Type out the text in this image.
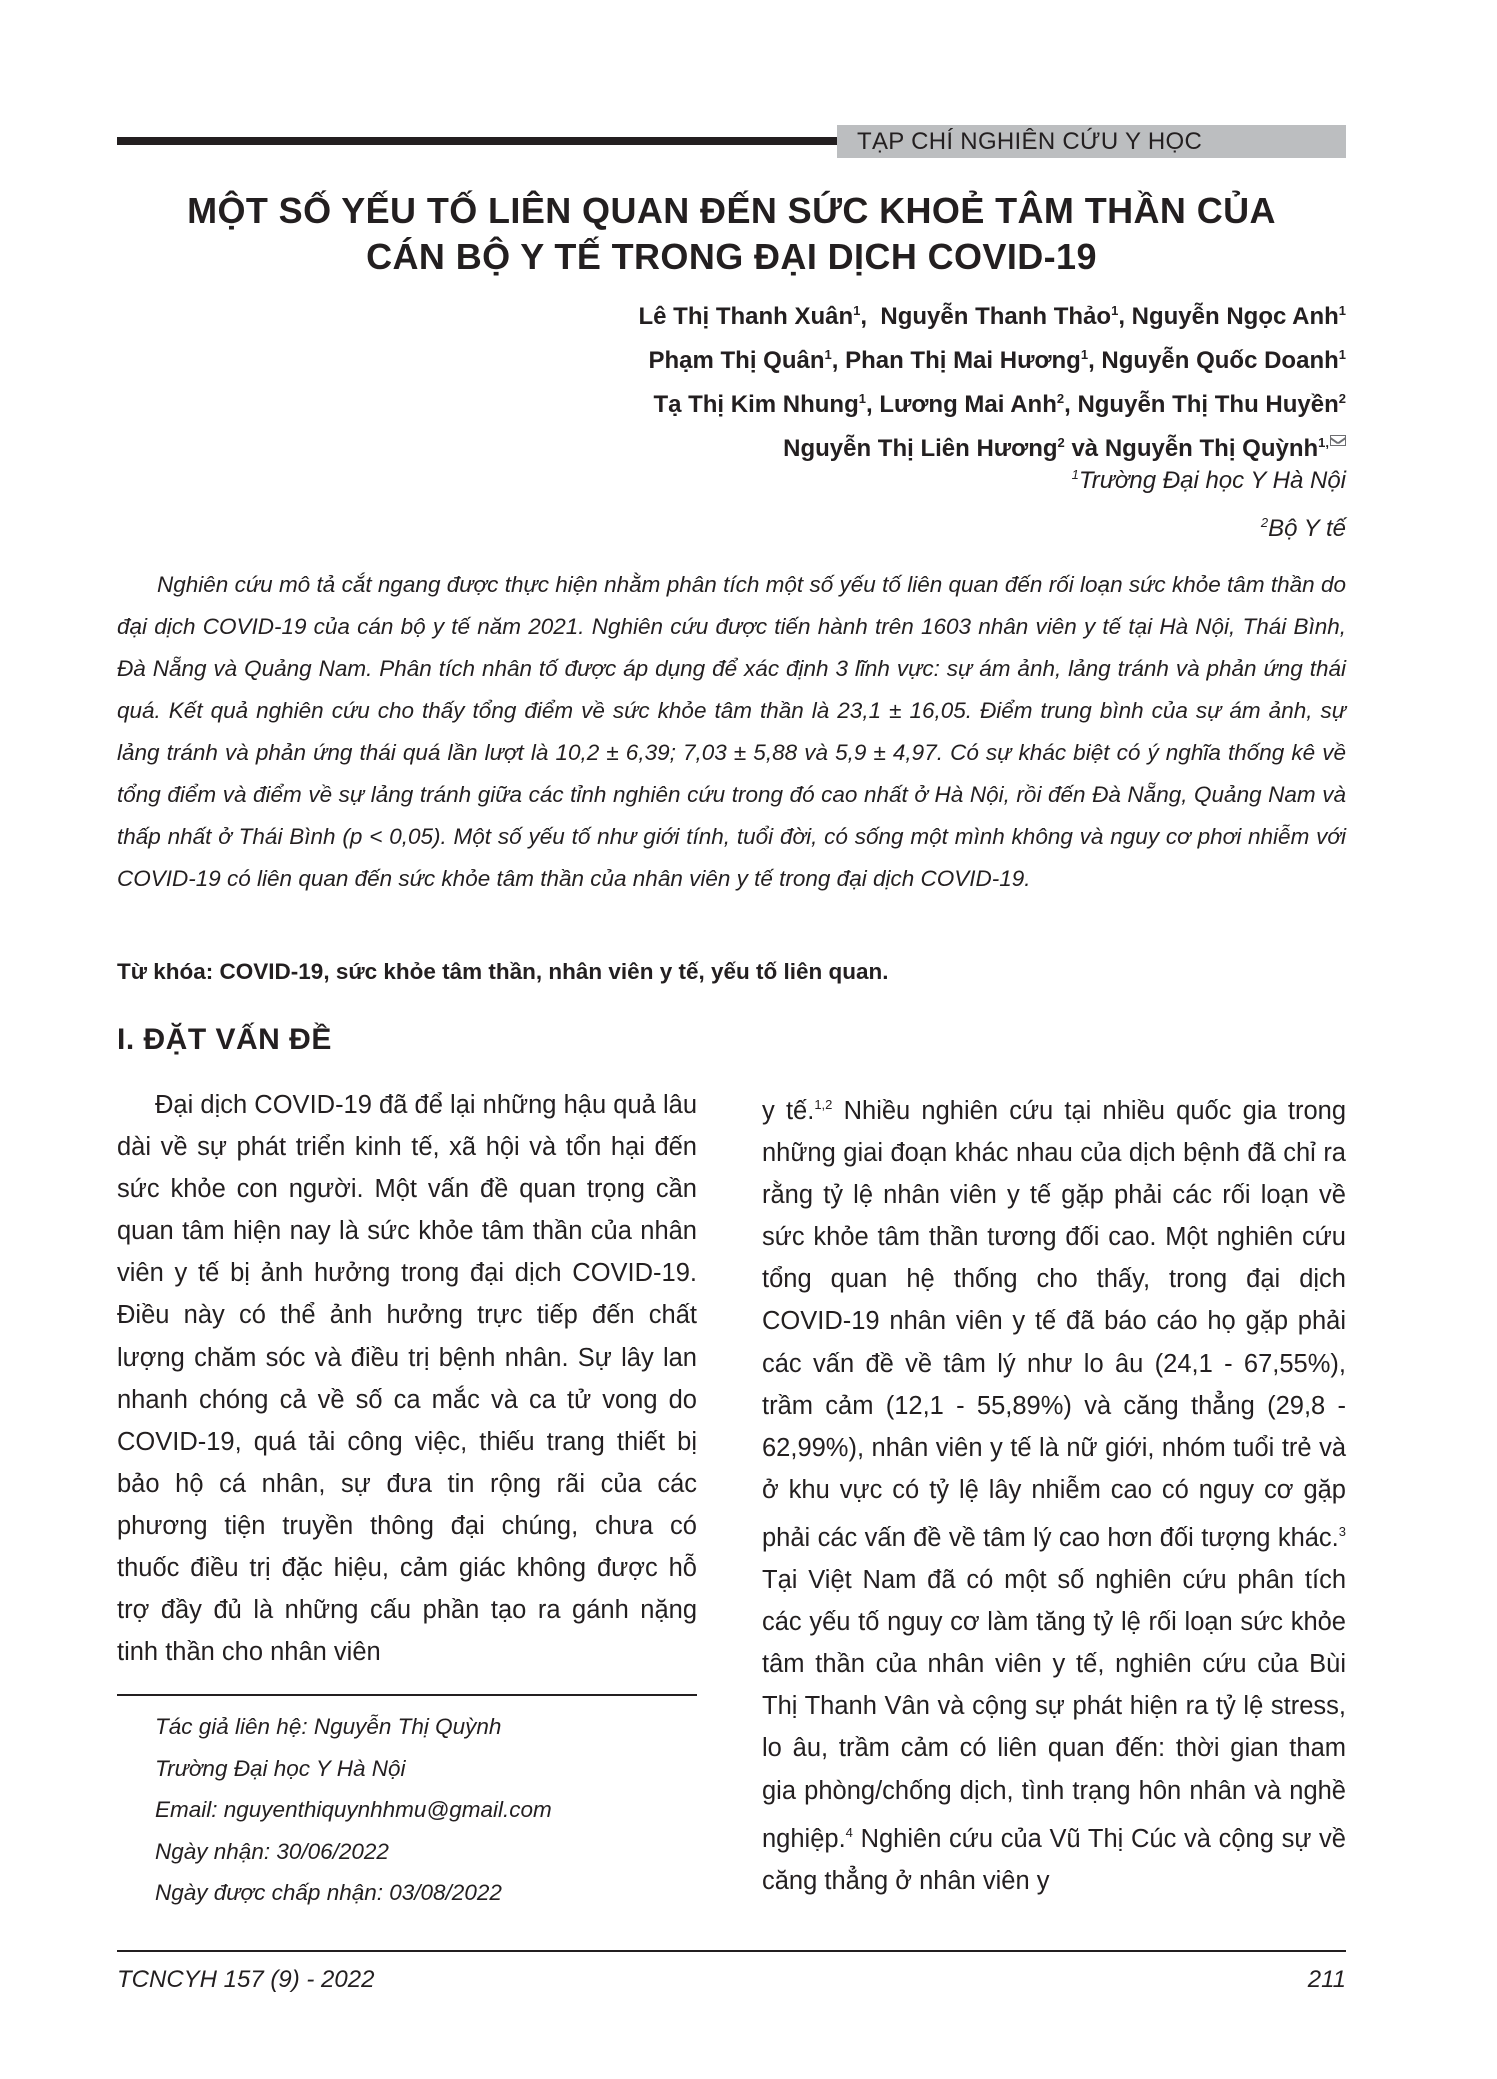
TẠP CHÍ NGHIÊN CỨU Y HỌC
MỘT SỐ YẾU TỐ LIÊN QUAN ĐẾN SỨC KHOẺ TÂM THẦN CỦA
CÁN BỘ Y TẾ TRONG ĐẠI DỊCH COVID-19
Lê Thị Thanh Xuân$^1$, Nguyễn Thanh Thảo$^1$, Nguyễn Ngọc Anh$^1$
Phạm Thị Quân$^1$, Phan Thị Mai Hương$^1$, Nguyễn Quốc Doanh$^1$
Tạ Thị Kim Nhung$^1$, Lương Mai Anh$^2$, Nguyễn Thị Thu Huyền$^2$
Nguyễn Thị Liên Hương$^2$ và Nguyễn Thị Quỳnh$^{1,}$
$^1$Trường Đại học Y Hà Nội
$^2$Bộ Y tế

Nghiên cứu mô tả cắt ngang được thực hiện nhằm phân tích một số yếu tố liên quan đến rối loạn sức khỏe tâm thần do đại dịch COVID-19 của cán bộ y tế năm 2021. Nghiên cứu được tiến hành trên 1603 nhân viên y tế tại Hà Nội, Thái Bình, Đà Nẵng và Quảng Nam. Phân tích nhân tố được áp dụng để xác định 3 lĩnh vực: sự ám ảnh, lảng tránh và phản ứng thái quá. Kết quả nghiên cứu cho thấy tổng điểm về sức khỏe tâm thần là 23,1 ± 16,05. Điểm trung bình của sự ám ảnh, sự lảng tránh và phản ứng thái quá lần lượt là 10,2 ± 6,39; 7,03 ± 5,88 và 5,9 ± 4,97. Có sự khác biệt có ý nghĩa thống kê về tổng điểm và điểm về sự lảng tránh giữa các tỉnh nghiên cứu trong đó cao nhất ở Hà Nội, rồi đến Đà Nẵng, Quảng Nam và thấp nhất ở Thái Bình (p < 0,05). Một số yếu tố như giới tính, tuổi đời, có sống một mình không và nguy cơ phơi nhiễm với COVID-19 có liên quan đến sức khỏe tâm thần của nhân viên y tế trong đại dịch COVID-19.

Từ khóa: COVID-19, sức khỏe tâm thần, nhân viên y tế, yếu tố liên quan.
I. ĐẶT VẤN ĐỀ

Đại dịch COVID-19 đã để lại những hậu quả lâu dài về sự phát triển kinh tế, xã hội và tổn hại đến sức khỏe con người. Một vấn đề quan trọng cần quan tâm hiện nay là sức khỏe tâm thần của nhân viên y tế bị ảnh hưởng trong đại dịch COVID-19. Điều này có thể ảnh hưởng trực tiếp đến chất lượng chăm sóc và điều trị bệnh nhân. Sự lây lan nhanh chóng cả về số ca mắc và ca tử vong do COVID-19, quá tải công việc, thiếu trang thiết bị bảo hộ cá nhân, sự đưa tin rộng rãi của các phương tiện truyền thông đại chúng, chưa có thuốc điều trị đặc hiệu, cảm giác không được hỗ trợ đầy đủ là những cấu phần tạo ra gánh nặng tinh thần cho nhân viên

y tế.$^{1,2}$ Nhiều nghiên cứu tại nhiều quốc gia trong những giai đoạn khác nhau của dịch bệnh đã chỉ ra rằng tỷ lệ nhân viên y tế gặp phải các rối loạn về sức khỏe tâm thần tương đối cao. Một nghiên cứu tổng quan hệ thống cho thấy, trong đại dịch COVID-19 nhân viên y tế đã báo cáo họ gặp phải các vấn đề về tâm lý như lo âu (24,1 - 67,55%), trầm cảm (12,1 - 55,89%) và căng thẳng (29,8 - 62,99%), nhân viên y tế là nữ giới, nhóm tuổi trẻ và ở khu vực có tỷ lệ lây nhiễm cao có nguy cơ gặp phải các vấn đề về tâm lý cao hơn đối tượng khác.$^3$ Tại Việt Nam đã có một số nghiên cứu phân tích các yếu tố nguy cơ làm tăng tỷ lệ rối loạn sức khỏe tâm thần của nhân viên y tế, nghiên cứu của Bùi Thị Thanh Vân và cộng sự phát hiện ra tỷ lệ stress, lo âu, trầm cảm có liên quan đến: thời gian tham gia phòng/chống dịch, tình trạng hôn nhân và nghề nghiệp.$^4$ Nghiên cứu của Vũ Thị Cúc và cộng sự về căng thẳng ở nhân viên y

Tác giả liên hệ: Nguyễn Thị Quỳnh
Trường Đại học Y Hà Nội
Email: nguyenthiquynhhmu@gmail.com
Ngày nhận: 30/06/2022
Ngày được chấp nhận: 03/08/2022
TCNCYH 157 (9) - 2022	211
